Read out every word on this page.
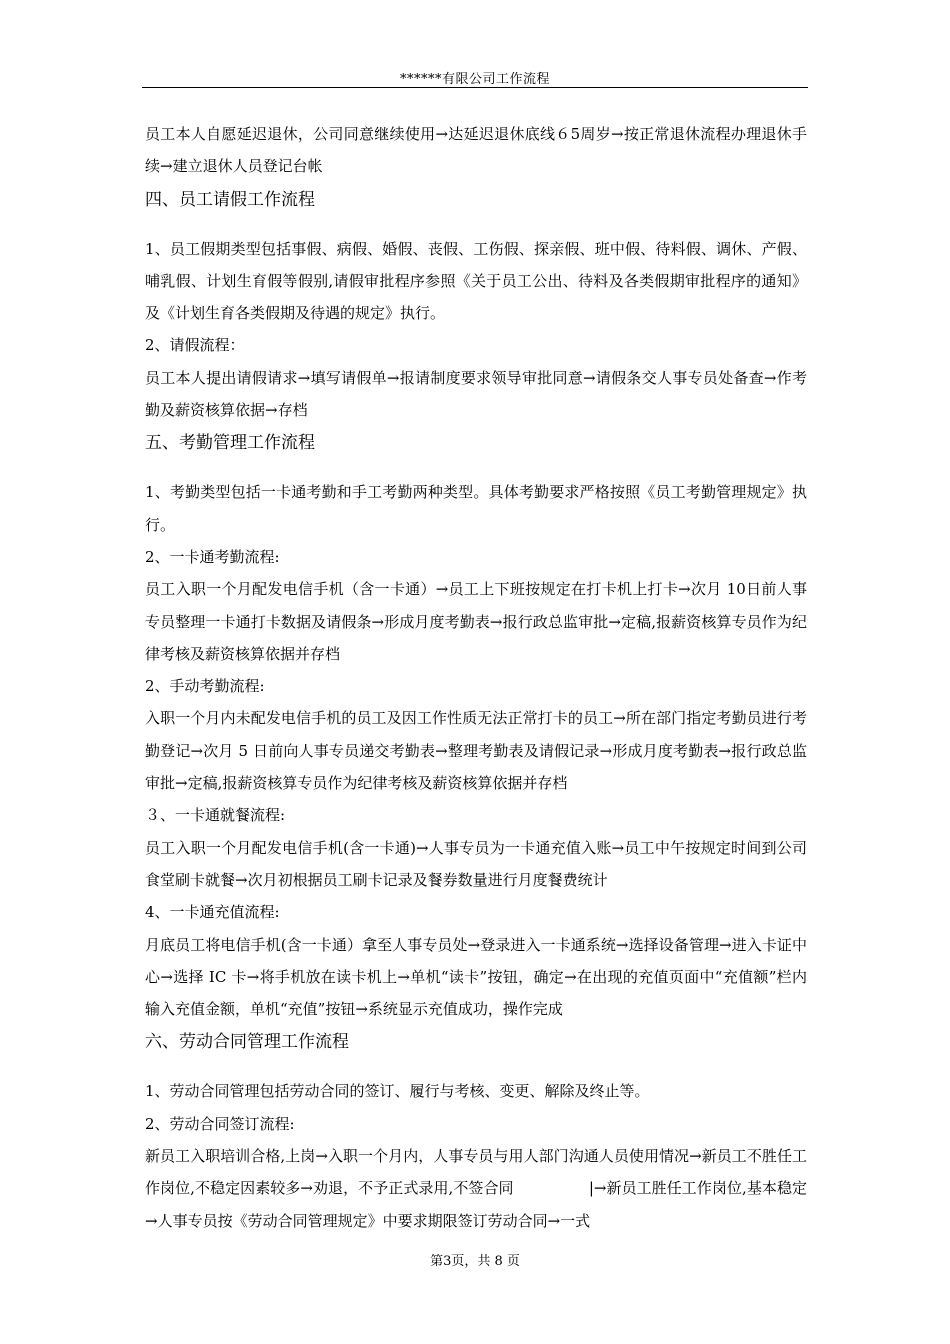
******有限公司工作流程

员工本人自愿延迟退休，公司同意继续使用→达延迟退休底线６5周岁→按正常退休流程办理退休手续→建立退休人员登记台帐

四、员工请假工作流程

1、员工假期类型包括事假、病假、婚假、丧假、工伤假、探亲假、班中假、待料假、调休、产假、哺乳假、计划生育假等假别,请假审批程序参照《关于员工公出、待料及各类假期审批程序的通知》及《计划生育各类假期及待遇的规定》执行。

2、请假流程：

员工本人提出请假请求→填写请假单→报请制度要求领导审批同意→请假条交人事专员处备查→作考勤及薪资核算依据→存档

五、考勤管理工作流程

1、考勤类型包括一卡通考勤和手工考勤两种类型。具体考勤要求严格按照《员工考勤管理规定》执行。

2、一卡通考勤流程:

员工入职一个月配发电信手机（含一卡通）→员工上下班按规定在打卡机上打卡→次月 10日前人事专员整理一卡通打卡数据及请假条→形成月度考勤表→报行政总监审批→定稿,报薪资核算专员作为纪律考核及薪资核算依据并存档

2、手动考勤流程:

入职一个月内未配发电信手机的员工及因工作性质无法正常打卡的员工→所在部门指定考勤员进行考勤登记→次月 5 日前向人事专员递交考勤表→整理考勤表及请假记录→形成月度考勤表→报行政总监审批→定稿,报薪资核算专员作为纪律考核及薪资核算依据并存档

３、一卡通就餐流程:

员工入职一个月配发电信手机(含一卡通)→人事专员为一卡通充值入账→员工中午按规定时间到公司食堂刷卡就餐→次月初根据员工刷卡记录及餐券数量进行月度餐费统计

4、一卡通充值流程:

月底员工将电信手机(含一卡通）拿至人事专员处→登录进入一卡通系统→选择设备管理→进入卡证中心→选择 IC 卡→将手机放在读卡机上→单机“读卡”按钮，确定→在出现的充值页面中“充值额”栏内输入充值金额，单机“充值”按钮→系统显示充值成功，操作完成

六、劳动合同管理工作流程

1、劳动合同管理包括劳动合同的签订、履行与考核、变更、解除及终止等。

2、劳动合同签订流程:

新员工入职培训合格,上岗→入职一个月内，人事专员与用人部门沟通人员使用情况→新员工不胜任工作岗位,不稳定因素较多→劝退，不予正式录用,不签合同　　　　　|→新员工胜任工作岗位,基本稳定→人事专员按《劳动合同管理规定》中要求期限签订劳动合同→一式

第3页，共 8 页
